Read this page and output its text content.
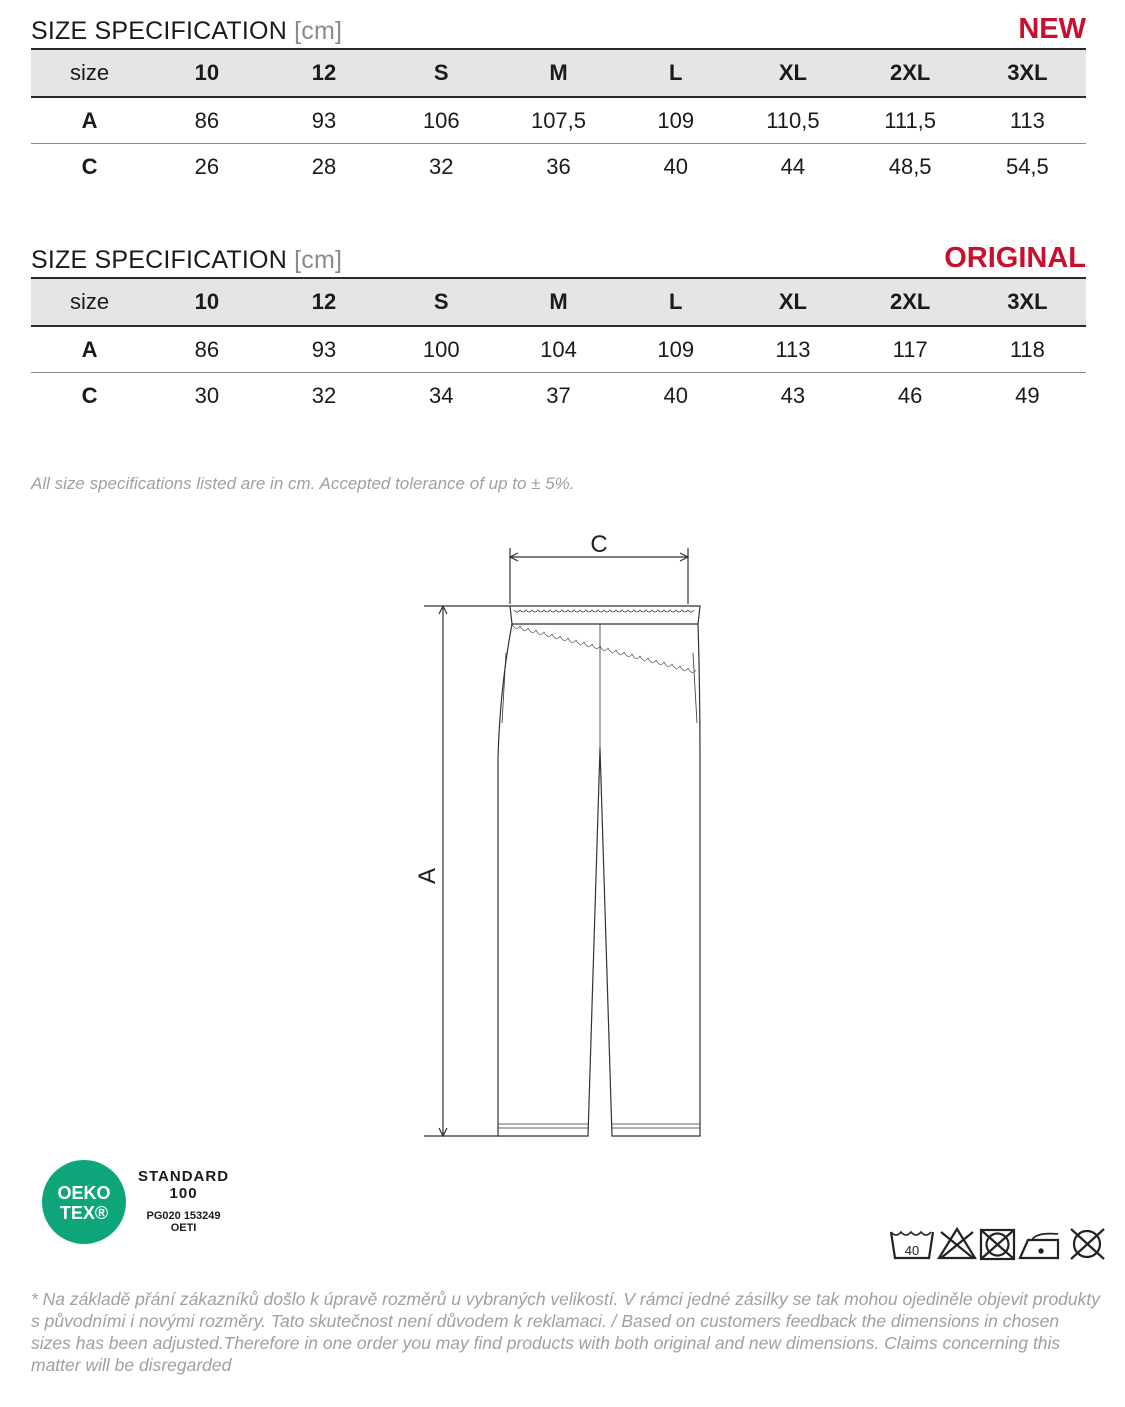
SIZE SPECIFICATION [cm]	NEW
size	10	12	S	M	L	XL	2XL	3XL
A	86	93	106	107,5	109	110,5	111,5	113
C	26	28	32	36	40	44	48,5	54,5
SIZE SPECIFICATION [cm]	ORIGINAL
size	10	12	S	M	L	XL	2XL	3XL
A	86	93	100	104	109	113	117	118
C	30	32	34	37	40	43	46	49
All size specifications listed are in cm. Accepted tolerance of up to ± 5%.
C
A
OEKO
TEX®
STANDARD
100
PG020 153249
OETI
40
* Na základě přání zákazníků došlo k úpravě rozměrů u vybraných velikostí. V rámci jedné zásilky se tak mohou ojediněle objevit produkty s původními i novými rozměry. Tato skutečnost není důvodem k reklamaci. / Based on customers feedback the dimensions in chosen sizes has been adjusted.Therefore in one order you may find products with both original and new dimensions. Claims concerning this matter will be disregarded
